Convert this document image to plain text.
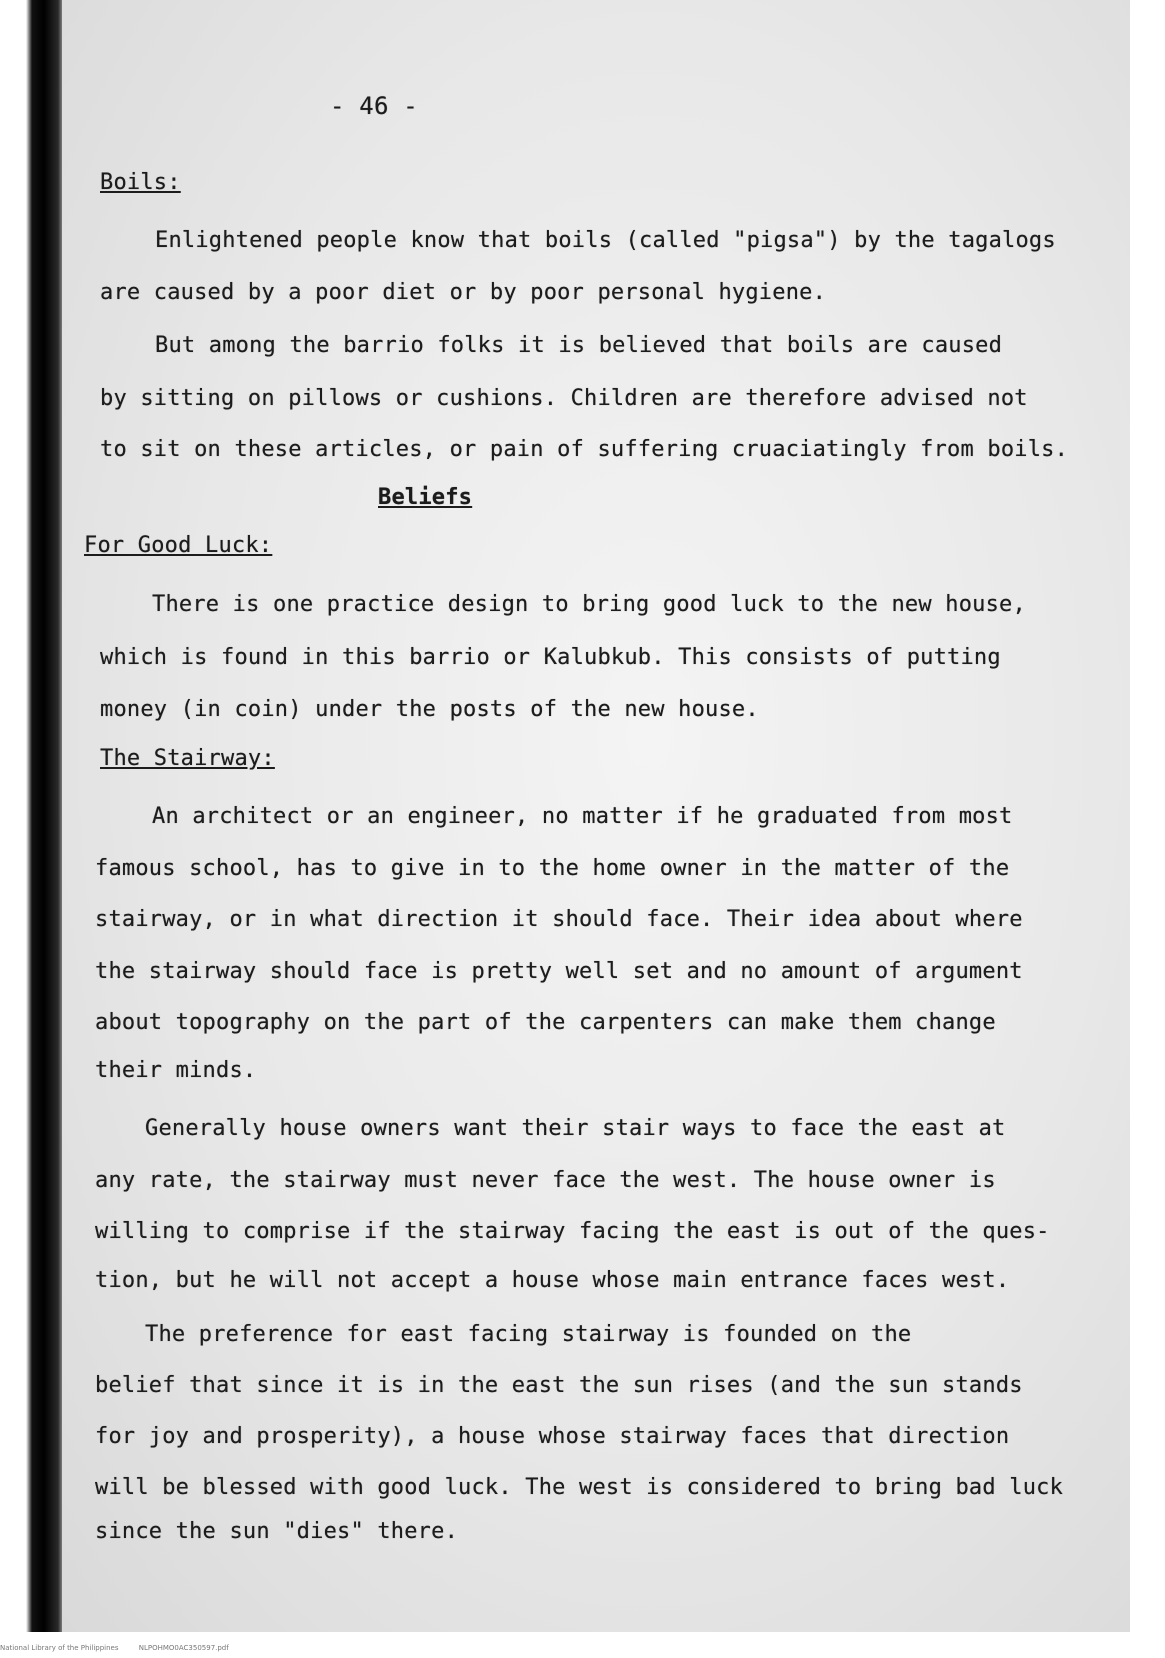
- 46 -
Boils:
Enlightened people know that boils (called "pigsa") by the tagalogs
are caused by a poor diet or by poor personal hygiene.
But among the barrio folks it is believed that boils are caused
by sitting on pillows or cushions. Children are therefore advised not
to sit on these articles, or pain of suffering cruaciatingly from boils.
Beliefs
For Good Luck:
There is one practice design to bring good luck to the new house,
which is found in this barrio or Kalubkub. This consists of putting
money (in coin) under the posts of the new house.
The Stairway:
An architect or an engineer, no matter if he graduated from most
famous school, has to give in to the home owner in the matter of the
stairway, or in what direction it should face. Their idea about where
the stairway should face is pretty well set and no amount of argument
about topography on the part of the carpenters can make them change
their minds.
Generally house owners want their stair ways to face the east at
any rate, the stairway must never face the west. The house owner is
willing to comprise if the stairway facing the east is out of the ques-
tion, but he will not accept a house whose main entrance faces west.
The preference for east facing stairway is founded on the
belief that since it is in the east the sun rises (and the sun stands
for joy and prosperity), a house whose stairway faces that direction
will be blessed with good luck. The west is considered to bring bad luck
since the sun "dies" there.
National Library of the Philippines	NLPOHMO0AC350597.pdf
